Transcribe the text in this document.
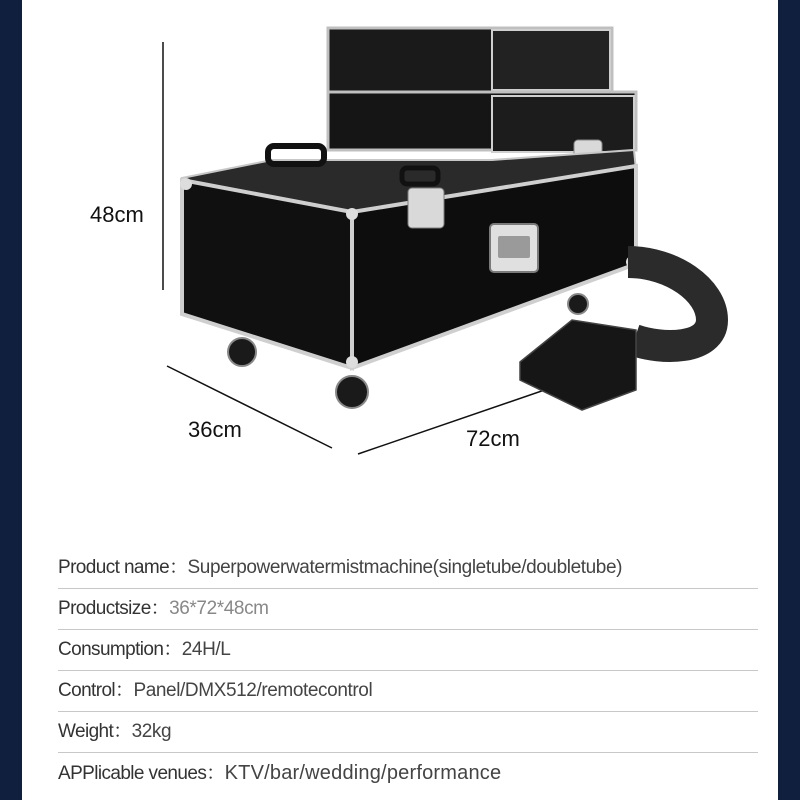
48cm
36cm	72cm
Product name：Superpowerwatermistmachine(singletube/doubletube)
Productsize：36*72*48cm
Consumption：24H/L
Control：Panel/DMX512/remotecontrol
Weight：32kg
APPlicable venues：KTV/bar/wedding/performance
